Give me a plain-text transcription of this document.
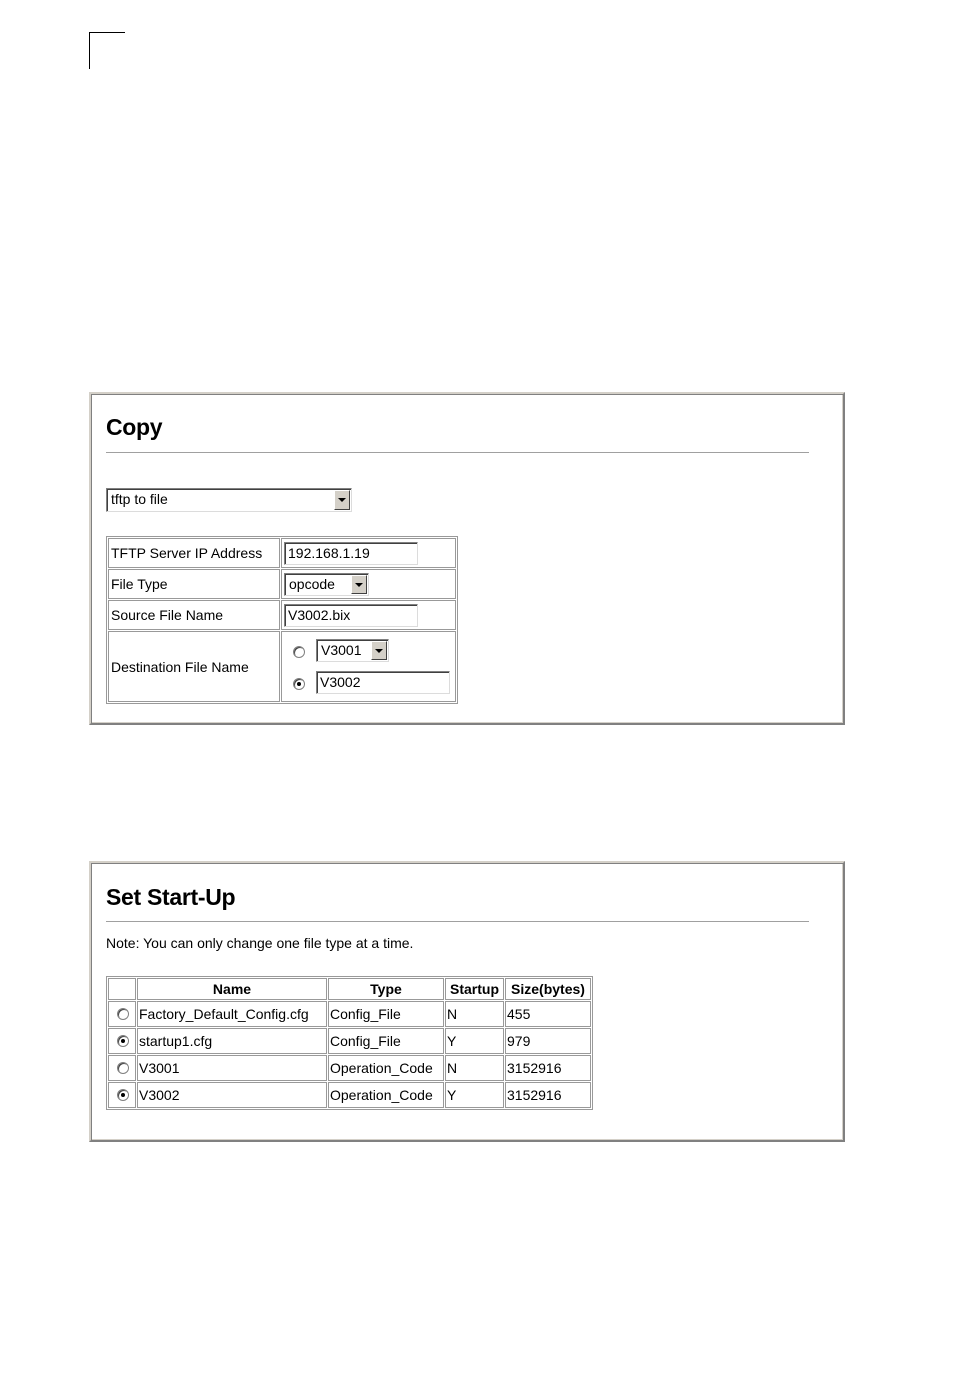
Copy
tftp to file
TFTP Server IP Address	192.168.1.19

File Type	opcode

Source File Name	V3002.bix

Destination File Name	V3001
V3002
Set Start-Up
Note: You can only change one file type at a time.
	Name	Type	Startup	Size(bytes)

	Factory_Default_Config.cfg	Config_File	N	455

	startup1.cfg	Config_File	Y	979

	V3001	Operation_Code	N	3152916

	V3002	Operation_Code	Y	3152916
